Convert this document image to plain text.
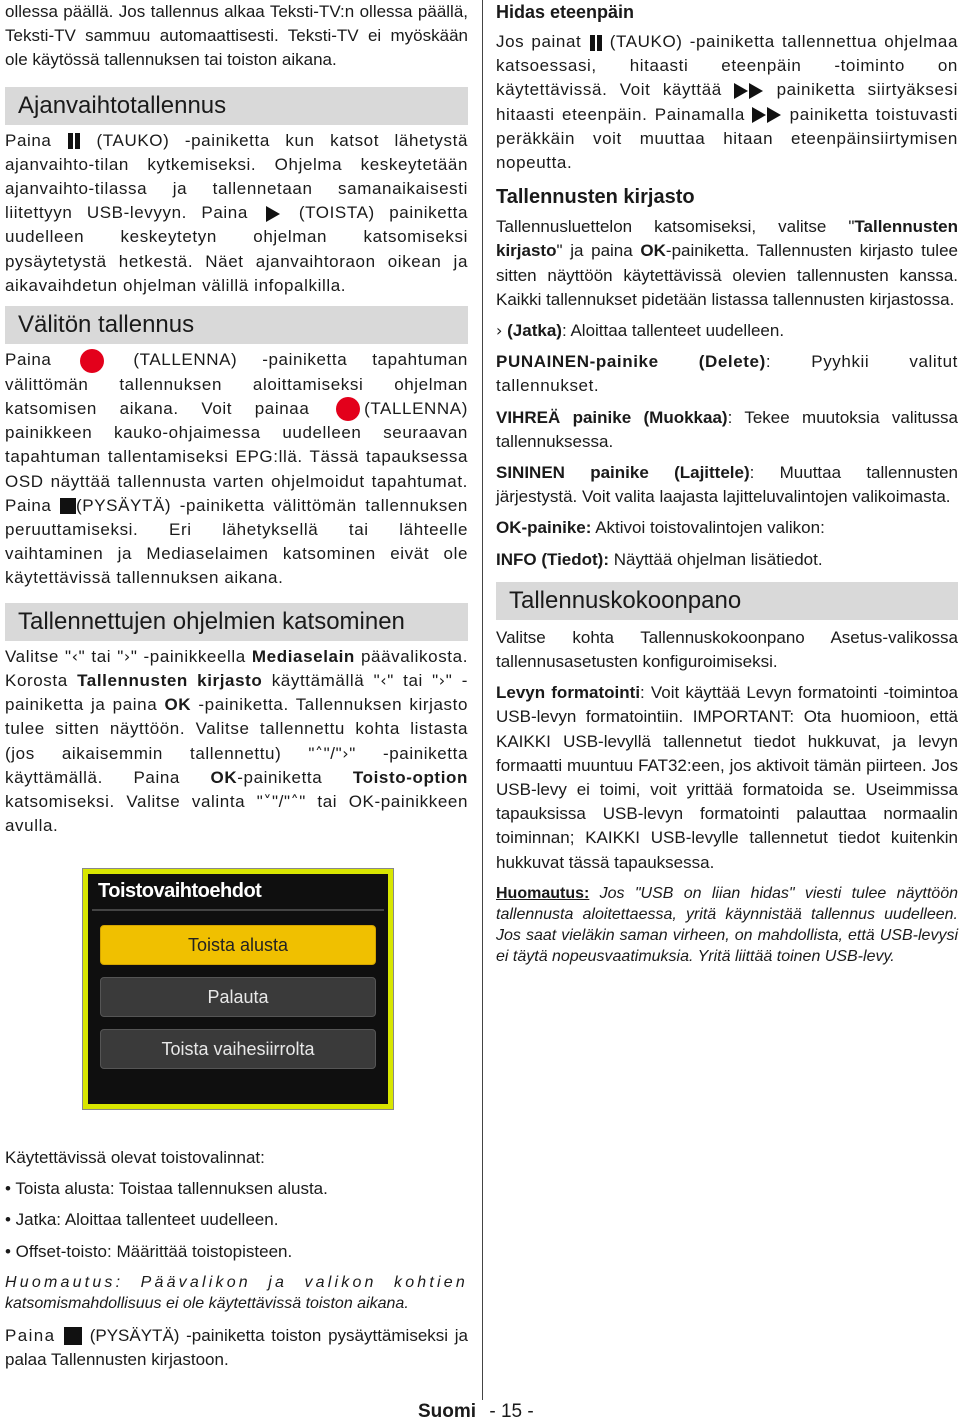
ollessa päällä. Jos tallennus alkaa Teksti-TV:n ollessa päällä, Teksti-TV sammuu automaattisesti. Teksti-TV ei myöskään ole käytössä tallennuksen tai toiston aikana.

Ajanvaihtotallennus

Paina	(TAUKO) -painiketta kun katsot lähetystä ajanvaihto-tilan kytkemiseksi. Ohjelma keskeytetään ajanvaihto-tilassa ja tallennetaan samanaikaisesti liitettyyn USB-levyyn. Paina	(TOISTA) painiketta uudelleen keskeytetyn ohjelman katsomiseksi pysäytetystä hetkestä. Näet ajanvaihtoraon oikean ja aikavaihdetun ohjelman välillä infopalkilla.

Välitön tallennus

Paina	(TALLENNA) -painiketta tapahtuman välittömän tallennuksen aloittamiseksi ohjelman katsomisen aikana. Voit painaa	(TALLENNA) painikkeen kauko-ohjaimessa uudelleen seuraavan tapahtuman tallentamiseksi EPG:llä. Tässä tapauksessa OSD näyttää tallennusta varten ohjelmoidut tapahtumat. Paina (PYSÄYTÄ) -painiketta välittömän tallennuksen peruuttamiseksi. Eri lähetyksellä tai lähteelle vaihtaminen ja Mediaselaimen katsominen eivät ole käytettävissä tallennuksen aikana.

Tallennettujen ohjelmien katsominen

Valitse "‹" tai "›" -painikkeella Mediaselain päävalikosta. Korosta Tallennusten kirjasto käyttämällä "‹" tai "›" -painiketta ja paina OK -painiketta. Tallennuksen kirjasto tulee sitten näyttöön. Valitse tallennettu kohta listasta (jos aikaisemmin tallennettu) "˄"/"›" -painiketta käyttämällä. Paina OK-painiketta Toisto-option katsomiseksi. Valitse valinta "˅"/"˄" tai OK-painikkeen avulla.

Toistovaihtoehdot
Toista alusta
Palauta
Toista vaihesiirrolta

Käytettävissä olevat toistovalinnat:

• Toista alusta: Toistaa tallennuksen alusta.

• Jatka: Aloittaa tallenteet uudelleen.

• Offset-toisto: Määrittää toistopisteen.

Huomautus: Päävalikon ja valikon kohtien katsomismahdollisuus ei ole käytettävissä toiston aikana.

Paina (PYSÄYTÄ) -painiketta toiston pysäyttämiseksi ja palaa Tallennusten kirjastoon.

Hidas eteenpäin

Jos painat (TAUKO) -painiketta tallennettua ohjelmaa katsoessasi, hitaasti eteenpäin -toiminto on käytettävissä. Voit käyttää	painiketta siirtyäksesi hitaasti eteenpäin. Painamalla	painiketta toistuvasti peräkkäin voit muuttaa hitaan eteenpäinsiirtymisen nopeutta.

Tallennusten kirjasto

Tallennusluettelon katsomiseksi, valitse "Tallennusten kirjasto" ja paina OK-painiketta. Tallennusten kirjasto tulee sitten näyttöön käytettävissä olevien tallennusten kanssa. Kaikki tallennukset pidetään listassa tallennusten kirjastossa.

› (Jatka): Aloittaa tallenteet uudelleen.

PUNAINEN-painike (Delete): Pyyhkii valitut tallennukset.

VIHREÄ painike (Muokkaa): Tekee muutoksia valitussa tallennuksessa.

SININEN painike (Lajittele): Muuttaa tallennusten järjestystä. Voit valita laajasta lajitteluvalintojen valikoimasta.

OK-painike: Aktivoi toistovalintojen valikon:

INFO (Tiedot): Näyttää ohjelman lisätiedot.

Tallennuskokoonpano

Valitse kohta Tallennuskokoonpano Asetus-valikossa tallennusasetusten konfiguroimiseksi.

Levyn formatointi: Voit käyttää Levyn formatointi -toimintoa USB-levyn formatointiin. IMPORTANT: Ota huomioon, että KAIKKI USB-levyllä tallennetut tiedot hukkuvat, ja levyn formaatti muuntuu FAT32:een, jos aktivoit tämän piirteen. Jos USB-levy ei toimi, voit yrittää formatoida se. Useimmissa tapauksissa USB-levyn formatointi palauttaa normaalin toiminnan; KAIKKI USB-levylle tallennetut tiedot kuitenkin hukkuvat tässä tapauksessa.

Huomautus: Jos "USB on liian hidas" viesti tulee näyttöön tallennusta aloitettaessa, yritä käynnistää tallennus uudelleen. Jos saat vieläkin saman virheen, on mahdollista, että USB-levysi ei täytä nopeusvaatimuksia. Yritä liittää toinen USB-levy.

Suomi - 15 -
